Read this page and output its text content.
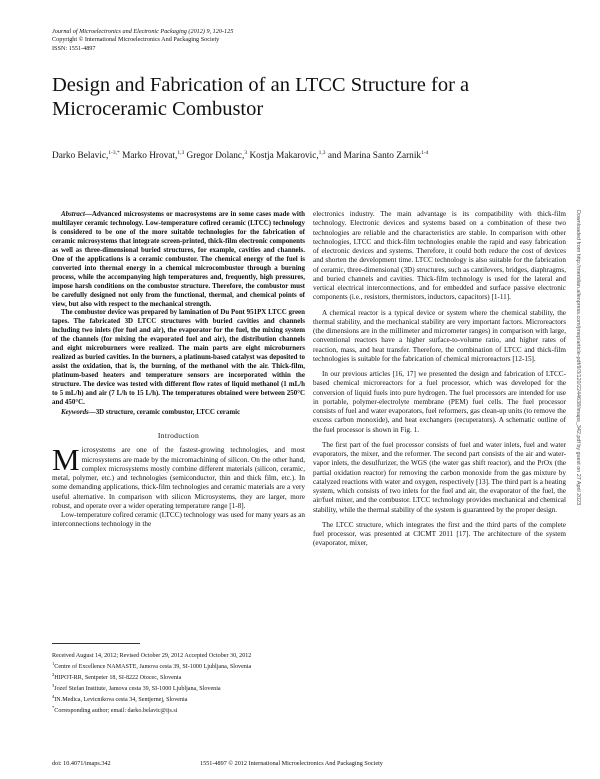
Journal of Microelectronics and Electronic Packaging (2012) 9, 120-125
Copyright © International Microelectronics And Packaging Society
ISSN: 1551-4897
Design and Fabrication of an LTCC Structure for a Microceramic Combustor
Darko Belavic,$^{1-3,*}$ Marko Hrovat,$^{1,3}$ Gregor Dolanc,$^3$ Kostja Makarovic,$^{1,3}$ and Marina Santo Zarnik$^{1-4}$

Abstract—Advanced microsystems or macrosystems are in some cases made with multilayer ceramic technology. Low-temperature cofired ceramic (LTCC) technology is considered to be one of the more suitable technologies for the fabrication of ceramic microsystems that integrate screen-printed, thick-film electronic components as well as three-dimensional buried structures, for example, cavities and channels. One of the applications is a ceramic combustor. The chemical energy of the fuel is converted into thermal energy in a chemical microcombustor through a burning process, while the accompanying high temperatures and, frequently, high pressures, impose harsh conditions on the combustor structure. Therefore, the combustor must be carefully designed not only from the functional, thermal, and chemical points of view, but also with respect to the mechanical strength.

The combustor device was prepared by lamination of Du Pont 951PX LTCC green tapes. The fabricated 3D LTCC structures with buried cavities and channels including two inlets (for fuel and air), the evaporator for the fuel, the mixing system of the channels (for mixing the evaporated fuel and air), the distribution channels and eight microburners were realized. The main parts are eight microburners realized as buried cavities. In the burners, a platinum-based catalyst was deposited to assist the oxidation, that is, the burning, of the methanol with the air. Thick-film, platinum-based heaters and temperature sensors are incorporated within the structure. The device was tested with different flow rates of liquid methanol (1 mL/h to 5 mL/h) and air (7 L/h to 15 L/h). The temperatures obtained were between 250°C and 450°C.

Keywords—3D structure, ceramic combustor, LTCC ceramic

Introduction

Microsystems are one of the fastest-growing technologies, and most microsystems are made by the micromachining of silicon. On the other hand, complex microsystems mostly combine different materials (silicon, ceramic, metal, polymer, etc.) and technologies (semiconductor, thin and thick film, etc.). In some demanding applications, thick-film technologies and ceramic materials are a very useful alternative. In comparison with silicon Microsystems, they are larger, more robust, and operate over a wider operating temperature range [1-8].

Low-temperature cofired ceramic (LTCC) technology was used for many years as an interconnections technology in the

Received August 14, 2012; Revised October 29, 2012 Accepted October 30, 2012

$^1$Centre of Excellence NAMASTE, Jamova cesta 39, SI-1000 Ljubljana, Slovenia

$^2$HIPOT-RR, Sentpeter 18, SI-8222 Otocec, Slovenia

$^3$Jozef Stefan Institute, Jamova cesta 39, SI-1000 Ljubljana, Slovenia

$^4$IN.Medica, Levicnikova cesta 34, Sentjernej, Slovenia

*Corresponding author; email: darko.belavic@ijs.si

electronics industry. The main advantage is its compatibility with thick-film technology. Electronic devices and systems based on a combination of these two technologies are reliable and the characteristics are stable. In comparison with other technologies, LTCC and thick-film technologies enable the rapid and easy fabrication of electronic devices and systems. Therefore, it could both reduce the cost of devices and shorten the development time. LTCC technology is also suitable for the fabrication of ceramic, three-dimensional (3D) structures, such as cantilevers, bridges, diaphragms, and buried channels and cavities. Thick-film technology is used for the lateral and vertical electrical interconnections, and for embedded and surface passive electronic components (i.e., resistors, thermistors, inductors, capacitors) [1-11].

A chemical reactor is a typical device or system where the chemical stability, the thermal stability, and the mechanical stability are very important factors. Microreactors (the dimensions are in the millimeter and micrometer ranges) in comparison with large, conventional reactors have a higher surface-to-volume ratio, and higher rates of reaction, mass, and heat transfer. Therefore, the combination of LTCC and thick-film technologies is suitable for the fabrication of chemical microreactors [12-15].

In our previous articles [16, 17] we presented the design and fabrication of LTCC-based chemical microreactors for a fuel processor, which was developed for the conversion of liquid fuels into pure hydrogen. The fuel processors are intended for use in portable, polymer-electrolyte membrane (PEM) fuel cells. The fuel processor consists of fuel and water evaporators, fuel reformers, gas clean-up units (to remove the excess carbon monoxide), and heat exchangers (recuperators). A schematic outline of the fuel processor is shown in Fig. 1.

The first part of the fuel processor consists of fuel and water inlets, fuel and water evaporators, the mixer, and the reformer. The second part consists of the air and water-vapor inlets, the desulfurizer, the WGS (the water gas shift reactor), and the PrOx (the partial oxidation reactor) for removing the carbon monoxide from the gas mixture by catalyzed reactions with water and oxygen, respectively [13]. The third part is a heating system, which consists of two inlets for the fuel and air, the evaporator of the fuel, the air/fuel mixer, and the combustor. LTCC technology provides mechanical and chemical stability, while the thermal stability of the system is guaranteed by the proper design.

The LTCC structure, which integrates the first and the third parts of the complete fuel processor, was presented at CICMT 2011 [17]. The architecture of the system (evaporator, mixer,

doi: 10.4071/imaps.342	1551-4897 © 2012 International Microelectronics And Packaging Society
Downloaded from http://meridian.allenpress.com/jmep/article-pdf/9/3/120/2244638/imaps_342.pdf by guest on 27 April 2023
